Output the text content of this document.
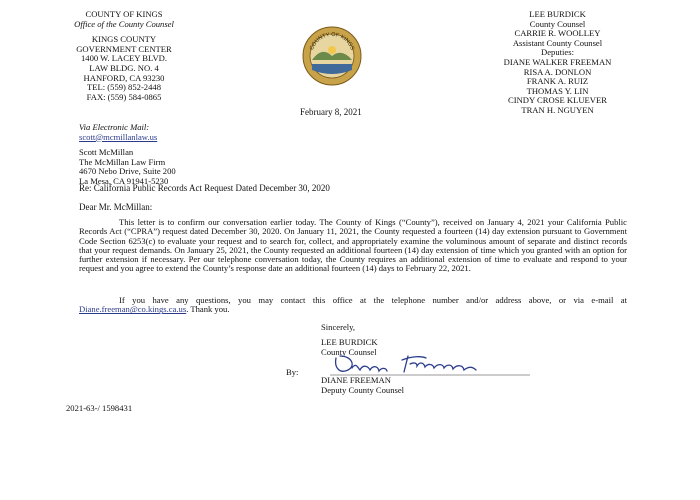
COUNTY OF KINGS
Office of the County Counsel
KINGS COUNTY
GOVERNMENT CENTER
1400 W. LACEY BLVD.
LAW BLDG. NO. 4
HANFORD, CA 93230
TEL: (559) 852-2448
FAX: (559) 584-0865
COUNTY OF KINGS
LEE BURDICK
County Counsel
CARRIE R. WOOLLEY
Assistant County Counsel
Deputies:
DIANE WALKER FREEMAN
RISA A. DONLON
FRANK A. RUIZ
THOMAS Y. LIN
CINDY CROSE KLUEVER
TRAN H. NGUYEN
February 8, 2021
Via Electronic Mail:
scott@mcmillanlaw.us
Scott McMillan
The McMillan Law Firm
4670 Nebo Drive, Suite 200
La Mesa, CA 91941-5230
Re: California Public Records Act Request Dated December 30, 2020
Dear Mr. McMillan:
This letter is to confirm our conversation earlier today. The County of Kings (“County”), received on January 4, 2021 your California Public Records Act (“CPRA”) request dated December 30, 2020. On January 11, 2021, the County requested a fourteen (14) day extension pursuant to Government Code Section 6253(c) to evaluate your request and to search for, collect, and appropriately examine the voluminous amount of separate and distinct records that your request demands. On January 25, 2021, the County requested an additional fourteen (14) day extension of time which you granted with an option for further extension if necessary. Per our telephone conversation today, the County requires an additional extension of time to evaluate and respond to your request and you agree to extend the County’s response date an additional fourteen (14) days to February 22, 2021.
If you have any questions, you may contact this office at the telephone number and/or address above, or via e-mail at Diane.freeman@co.kings.ca.us. Thank you.
Sincerely,
LEE BURDICK
County Counsel
By:
DIANE FREEMAN
Deputy County Counsel
2021-63-/ 1598431
